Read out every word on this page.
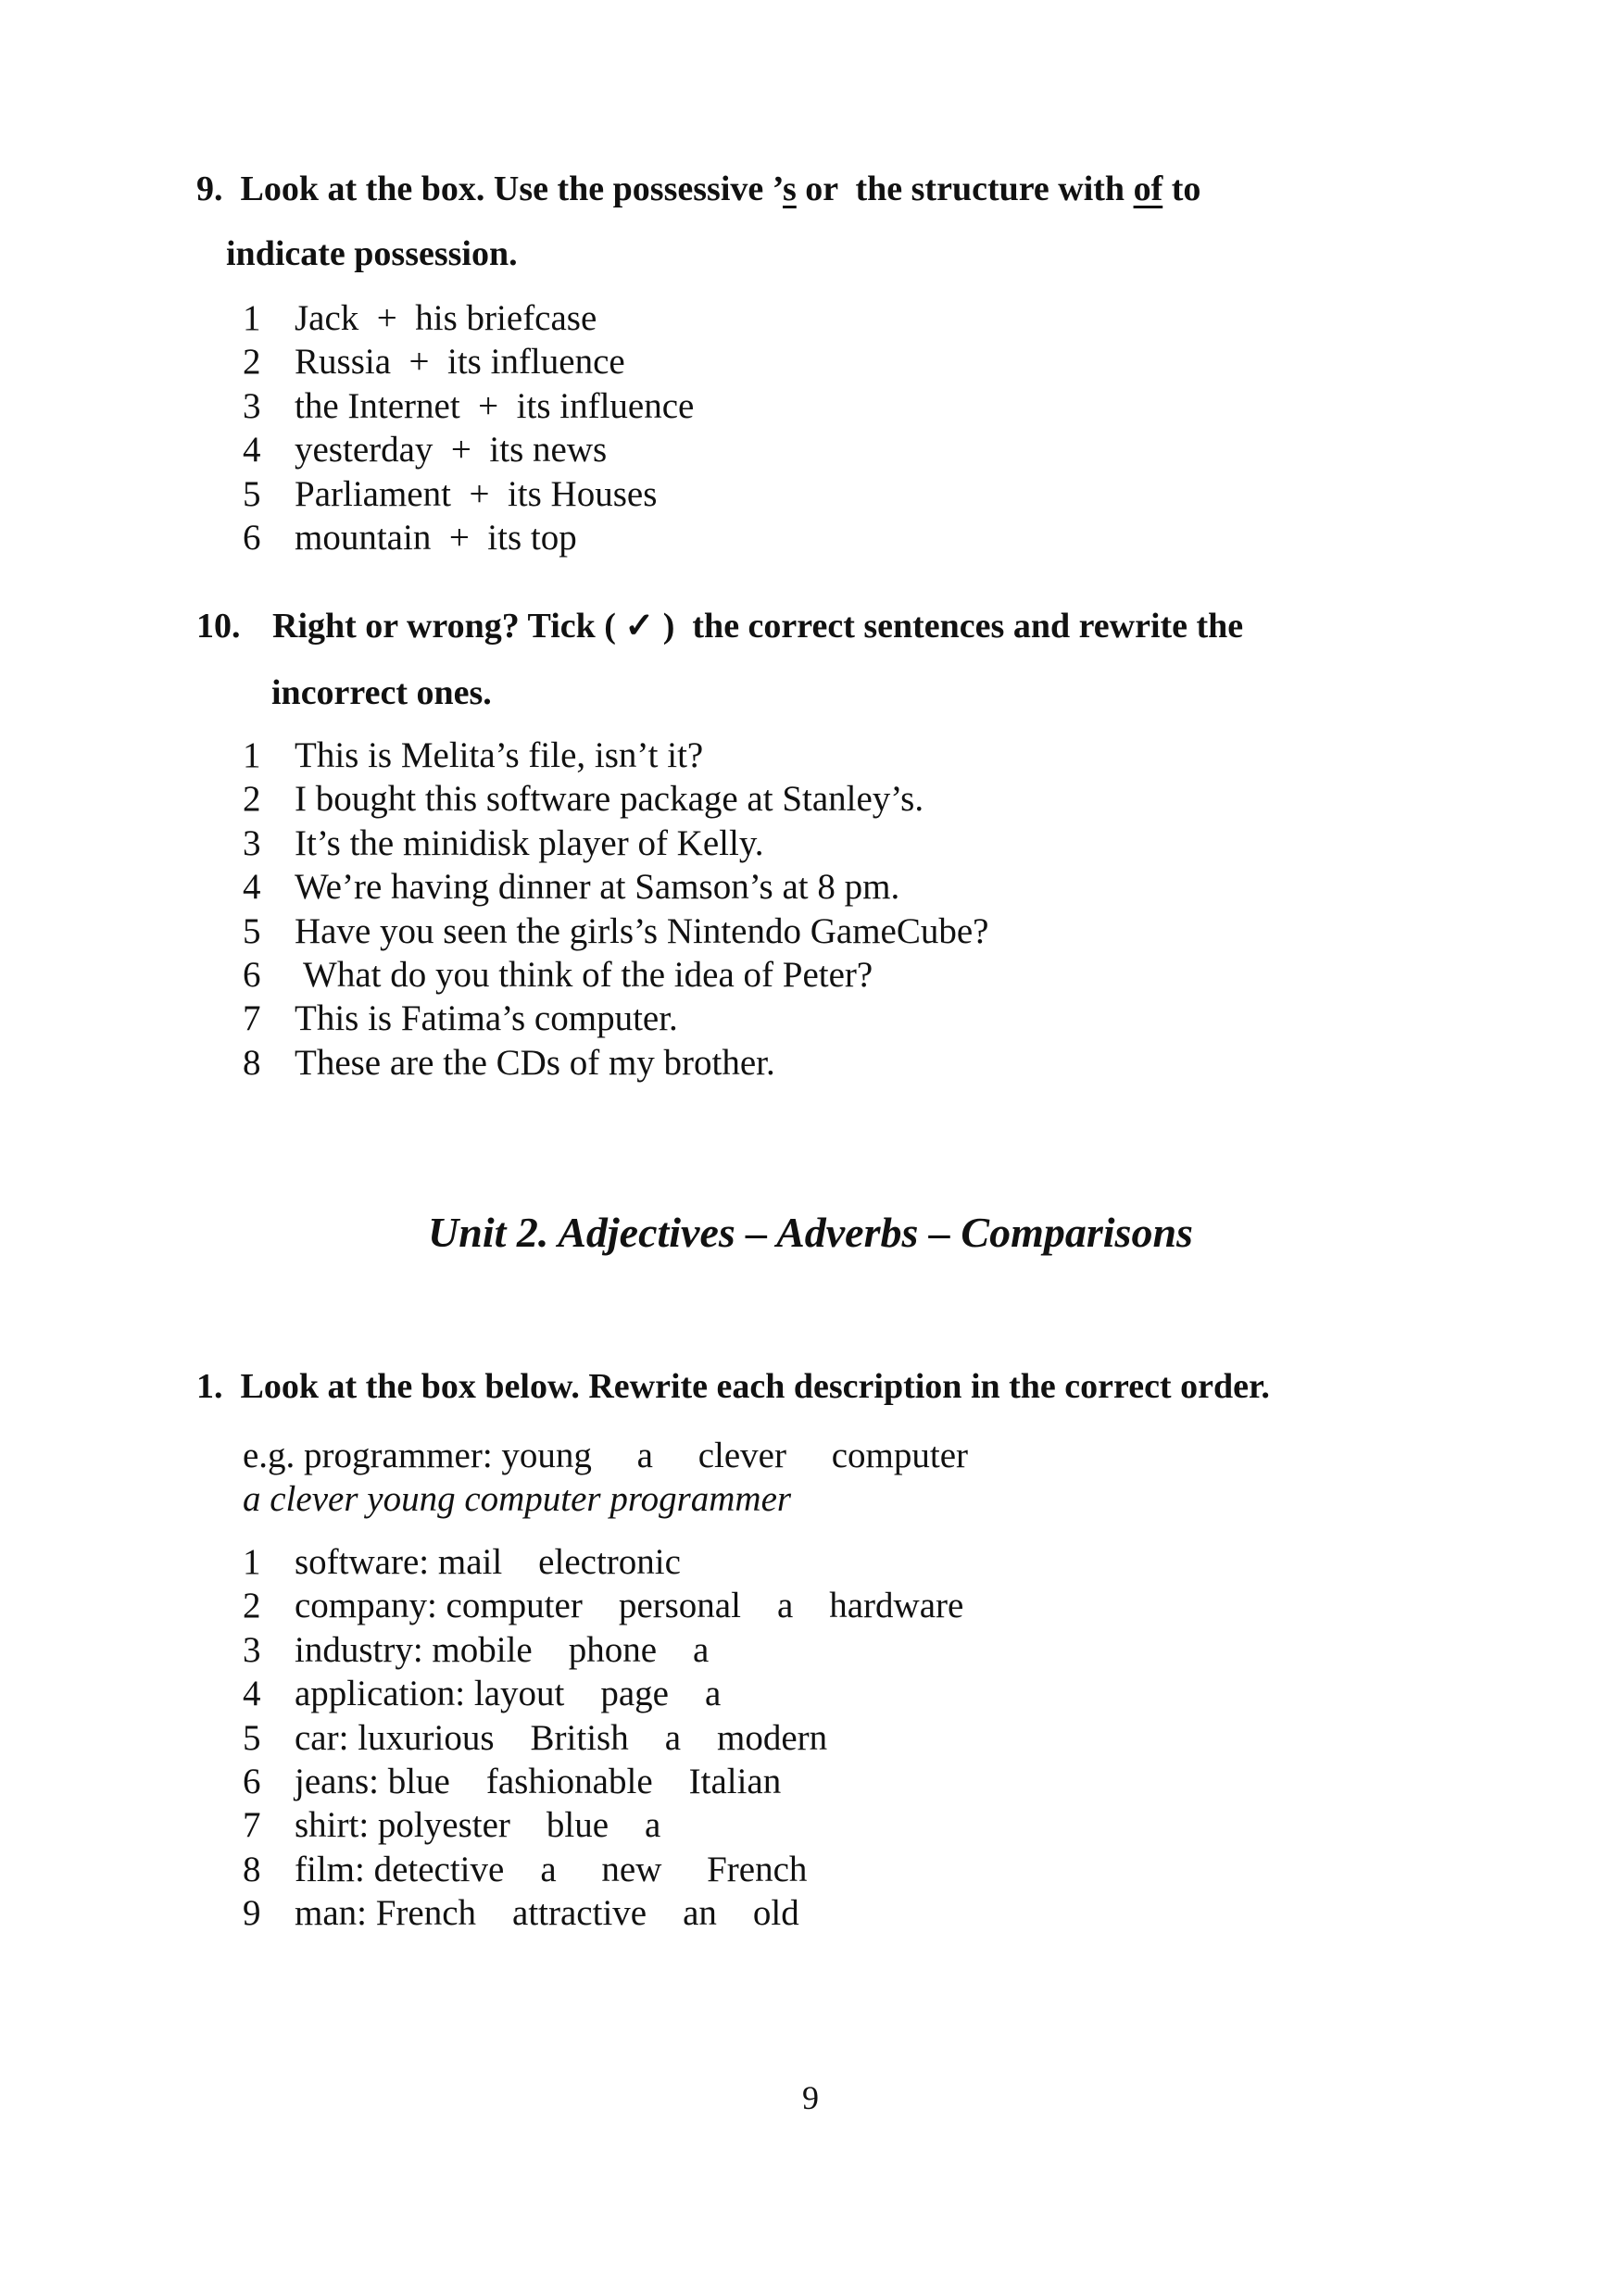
9. Look at the box. Use the possessive ’s or  the structure with of to
indicate possession.
1 Jack  +  his briefcase
2 Russia  +  its influence
3 the Internet  +  its influence
4 yesterday  +  its news
5 Parliament  +  its Houses
6 mountain  +  its top
10. Right or wrong? Tick ( ✓ )  the correct sentences and rewrite the
incorrect ones.
1 This is Melita’s file, isn’t it?
2 I bought this software package at Stanley’s.
3 It’s the minidisk player of Kelly.
4 We’re having dinner at Samson’s at 8 pm.
5 Have you seen the girls’s Nintendo GameCube?
6 What do you think of the idea of Peter?
7 This is Fatima’s computer.
8 These are the CDs of my brother.
Unit 2. Adjectives – Adverbs – Comparisons
1. Look at the box below. Rewrite each description in the correct order.
e.g. programmer: young     a     clever     computer
a clever young computer programmer
1 software: mail    electronic
2 company: computer    personal    a    hardware
3 industry: mobile    phone    a
4 application: layout    page    a
5 car: luxurious    British    a    modern
6 jeans: blue    fashionable    Italian
7 shirt: polyester    blue    a
8 film: detective    a     new     French
9 man: French    attractive    an    old
9
